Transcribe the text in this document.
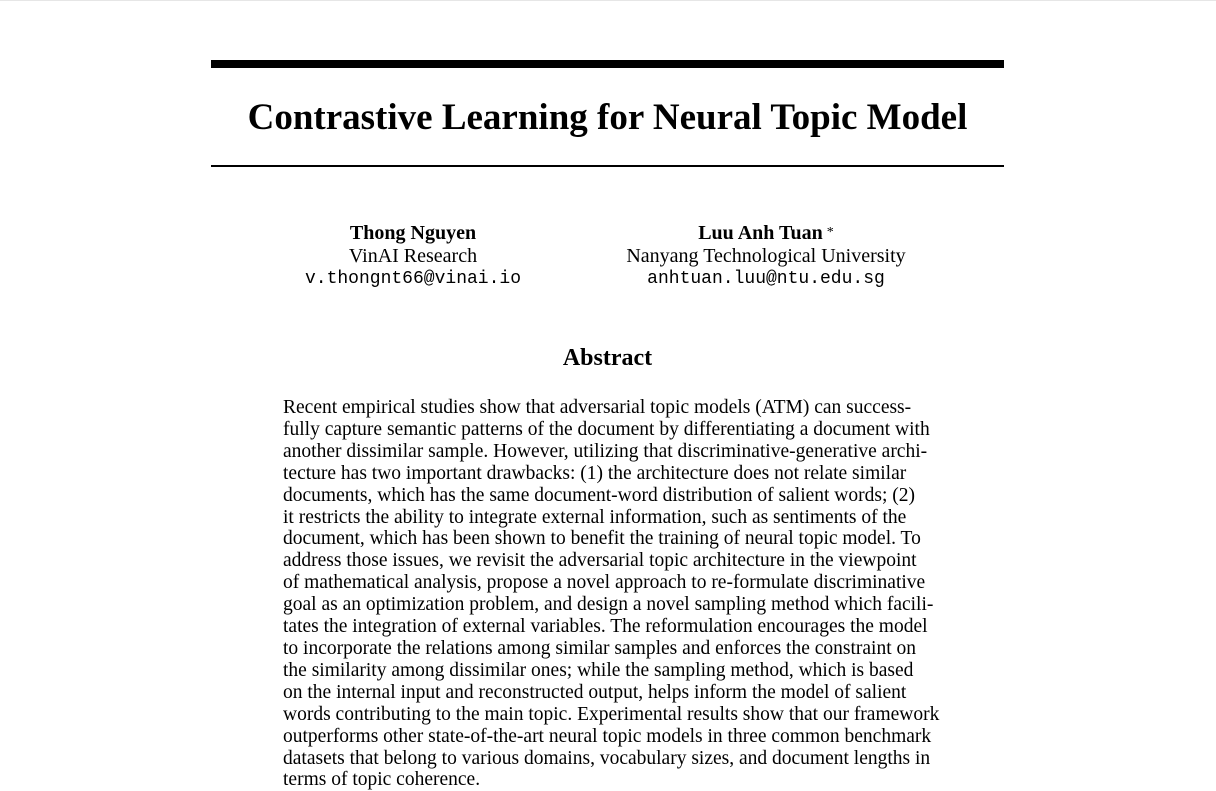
Contrastive Learning for Neural Topic Model
Thong Nguyen
VinAI Research
v.thongnt66@vinai.io
Luu Anh Tuan *
Nanyang Technological University
anhtuan.luu@ntu.edu.sg
Abstract
Recent empirical studies show that adversarial topic models (ATM) can success-
fully capture semantic patterns of the document by differentiating a document with
another dissimilar sample. However, utilizing that discriminative-generative archi-
tecture has two important drawbacks: (1) the architecture does not relate similar
documents, which has the same document-word distribution of salient words; (2)
it restricts the ability to integrate external information, such as sentiments of the
document, which has been shown to benefit the training of neural topic model. To
address those issues, we revisit the adversarial topic architecture in the viewpoint
of mathematical analysis, propose a novel approach to re-formulate discriminative
goal as an optimization problem, and design a novel sampling method which facili-
tates the integration of external variables. The reformulation encourages the model
to incorporate the relations among similar samples and enforces the constraint on
the similarity among dissimilar ones; while the sampling method, which is based
on the internal input and reconstructed output, helps inform the model of salient
words contributing to the main topic. Experimental results show that our framework
outperforms other state-of-the-art neural topic models in three common benchmark
datasets that belong to various domains, vocabulary sizes, and document lengths in
terms of topic coherence.
